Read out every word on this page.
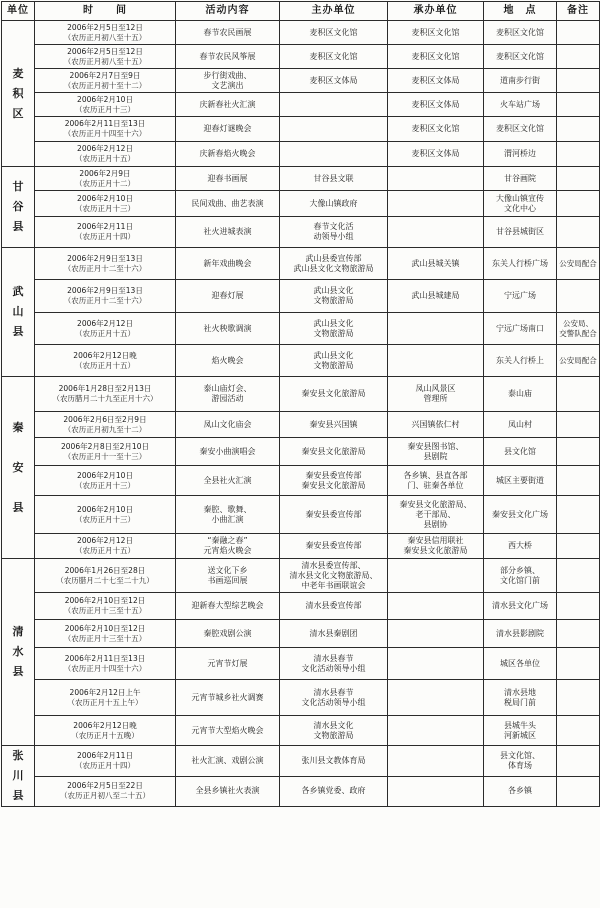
单位	时　　间	活动内容	主办单位	承办单位	地　点	备注
麦
积
区	2006年2月5日至12日
（农历正月初八至十五）	春节农民画展	麦积区文化馆	麦积区文化馆	麦积区文化馆	
	2006年2月5日至12日
（农历正月初八至十五）	春节农民风筝展	麦积区文化馆	麦积区文化馆	麦积区文化馆	
	2006年2月7日至9日
（农历正月初十至十二）	步行街戏曲、
文艺演出	麦积区文体局	麦积区文体局	道南步行街	
	2006年2月10日
（农历正月十三）	庆新春社火汇演		麦积区文体局	火车站广场	
	2006年2月11日至13日
（农历正月十四至十六）	迎春灯谜晚会		麦积区文化馆	麦积区文化馆	
	2006年2月12日
（农历正月十五）	庆新春焰火晚会		麦积区文体局	渭河桥边	
甘
谷
县	2006年2月9日
（农历正月十二）	迎春书画展	甘谷县文联		甘谷画院	
	2006年2月10日
（农历正月十三）	民间戏曲、曲艺表演	大像山镇政府		大像山镇宣传
文化中心	
	2006年2月11日
（农历正月十四）	社火进城表演	春节文化活
动领导小组		甘谷县城街区	
武
山
县	2006年2月9日至13日
（农历正月十二至十六）	新年戏曲晚会	武山县委宣传部
武山县文化文物旅游局	武山县城关镇	东关人行桥广场	公安局配合
	2006年2月9日至13日
（农历正月十二至十六）	迎春灯展	武山县文化
文物旅游局	武山县城建局	宁远广场	
	2006年2月12日
（农历正月十五）	社火秧歌调演	武山县文化
文物旅游局		宁远广场南口	公安局、
交警队配合
	2006年2月12日晚
（农历正月十五）	焰火晚会	武山县文化
文物旅游局		东关人行桥上	公安局配合
秦

安

县	2006年1月28日至2月13日
（农历腊月二十九至正月十六）	泰山庙灯会、
游园活动	秦安县文化旅游局	凤山风景区
管理所	泰山庙	
	2006年2月6日至2月9日
（农历正月初九至十二）	凤山文化庙会	秦安县兴国镇	兴国镇依仁村	凤山村	
	2006年2月8日至2月10日
（农历正月十一至十三）	秦安小曲演唱会	秦安县文化旅游局	秦安县图书馆、
县剧院	县文化馆	
	2006年2月10日
（农历正月十三）	全县社火汇演	秦安县委宣传部
秦安县文化旅游局	各乡镇、县直各部
门、驻秦各单位	城区主要街道	
	2006年2月10日
（农历正月十三）	秦腔、歌舞、
小曲汇演	秦安县委宣传部	秦安县文化旅游局、
老干部局、
县剧协	秦安县文化广场	
	2006年2月12日
（农历正月十五）	“秦融之春”
元宵焰火晚会	秦安县委宣传部	秦安县信用联社
秦安县文化旅游局	西大桥	
清
水
县	2006年1月26日至28日
（农历腊月二十七至二十九）	送文化下乡
书画巡回展	清水县委宣传部、
清水县文化文物旅游局、
中老年书画联谊会		部分乡镇、
文化馆门前	
	2006年2月10日至12日
（农历正月十三至十五）	迎新春大型综艺晚会	清水县委宣传部		清水县文化广场	
	2006年2月10日至12日
（农历正月十三至十五）	秦腔戏剧公演	清水县秦剧团		清水县影剧院	
	2006年2月11日至13日
（农历正月十四至十六）	元宵节灯展	清水县春节
文化活动领导小组		城区各单位	
	2006年2月12日上午
（农历正月十五上午）	元宵节城乡社火调赛	清水县春节
文化活动领导小组		清水县地
税局门前	
	2006年2月12日晚
（农历正月十五晚）	元宵节大型焰火晚会	清水县文化
文物旅游局		县城牛头
河新城区	
张
川
县	2006年2月11日
（农历正月十四）	社火汇演、戏剧公演	张川县文教体育局		县文化馆、
体育场	
	2006年2月5日至22日
（农历正月初八至二十五）	全县乡镇社火表演	各乡镇党委、政府		各乡镇	
